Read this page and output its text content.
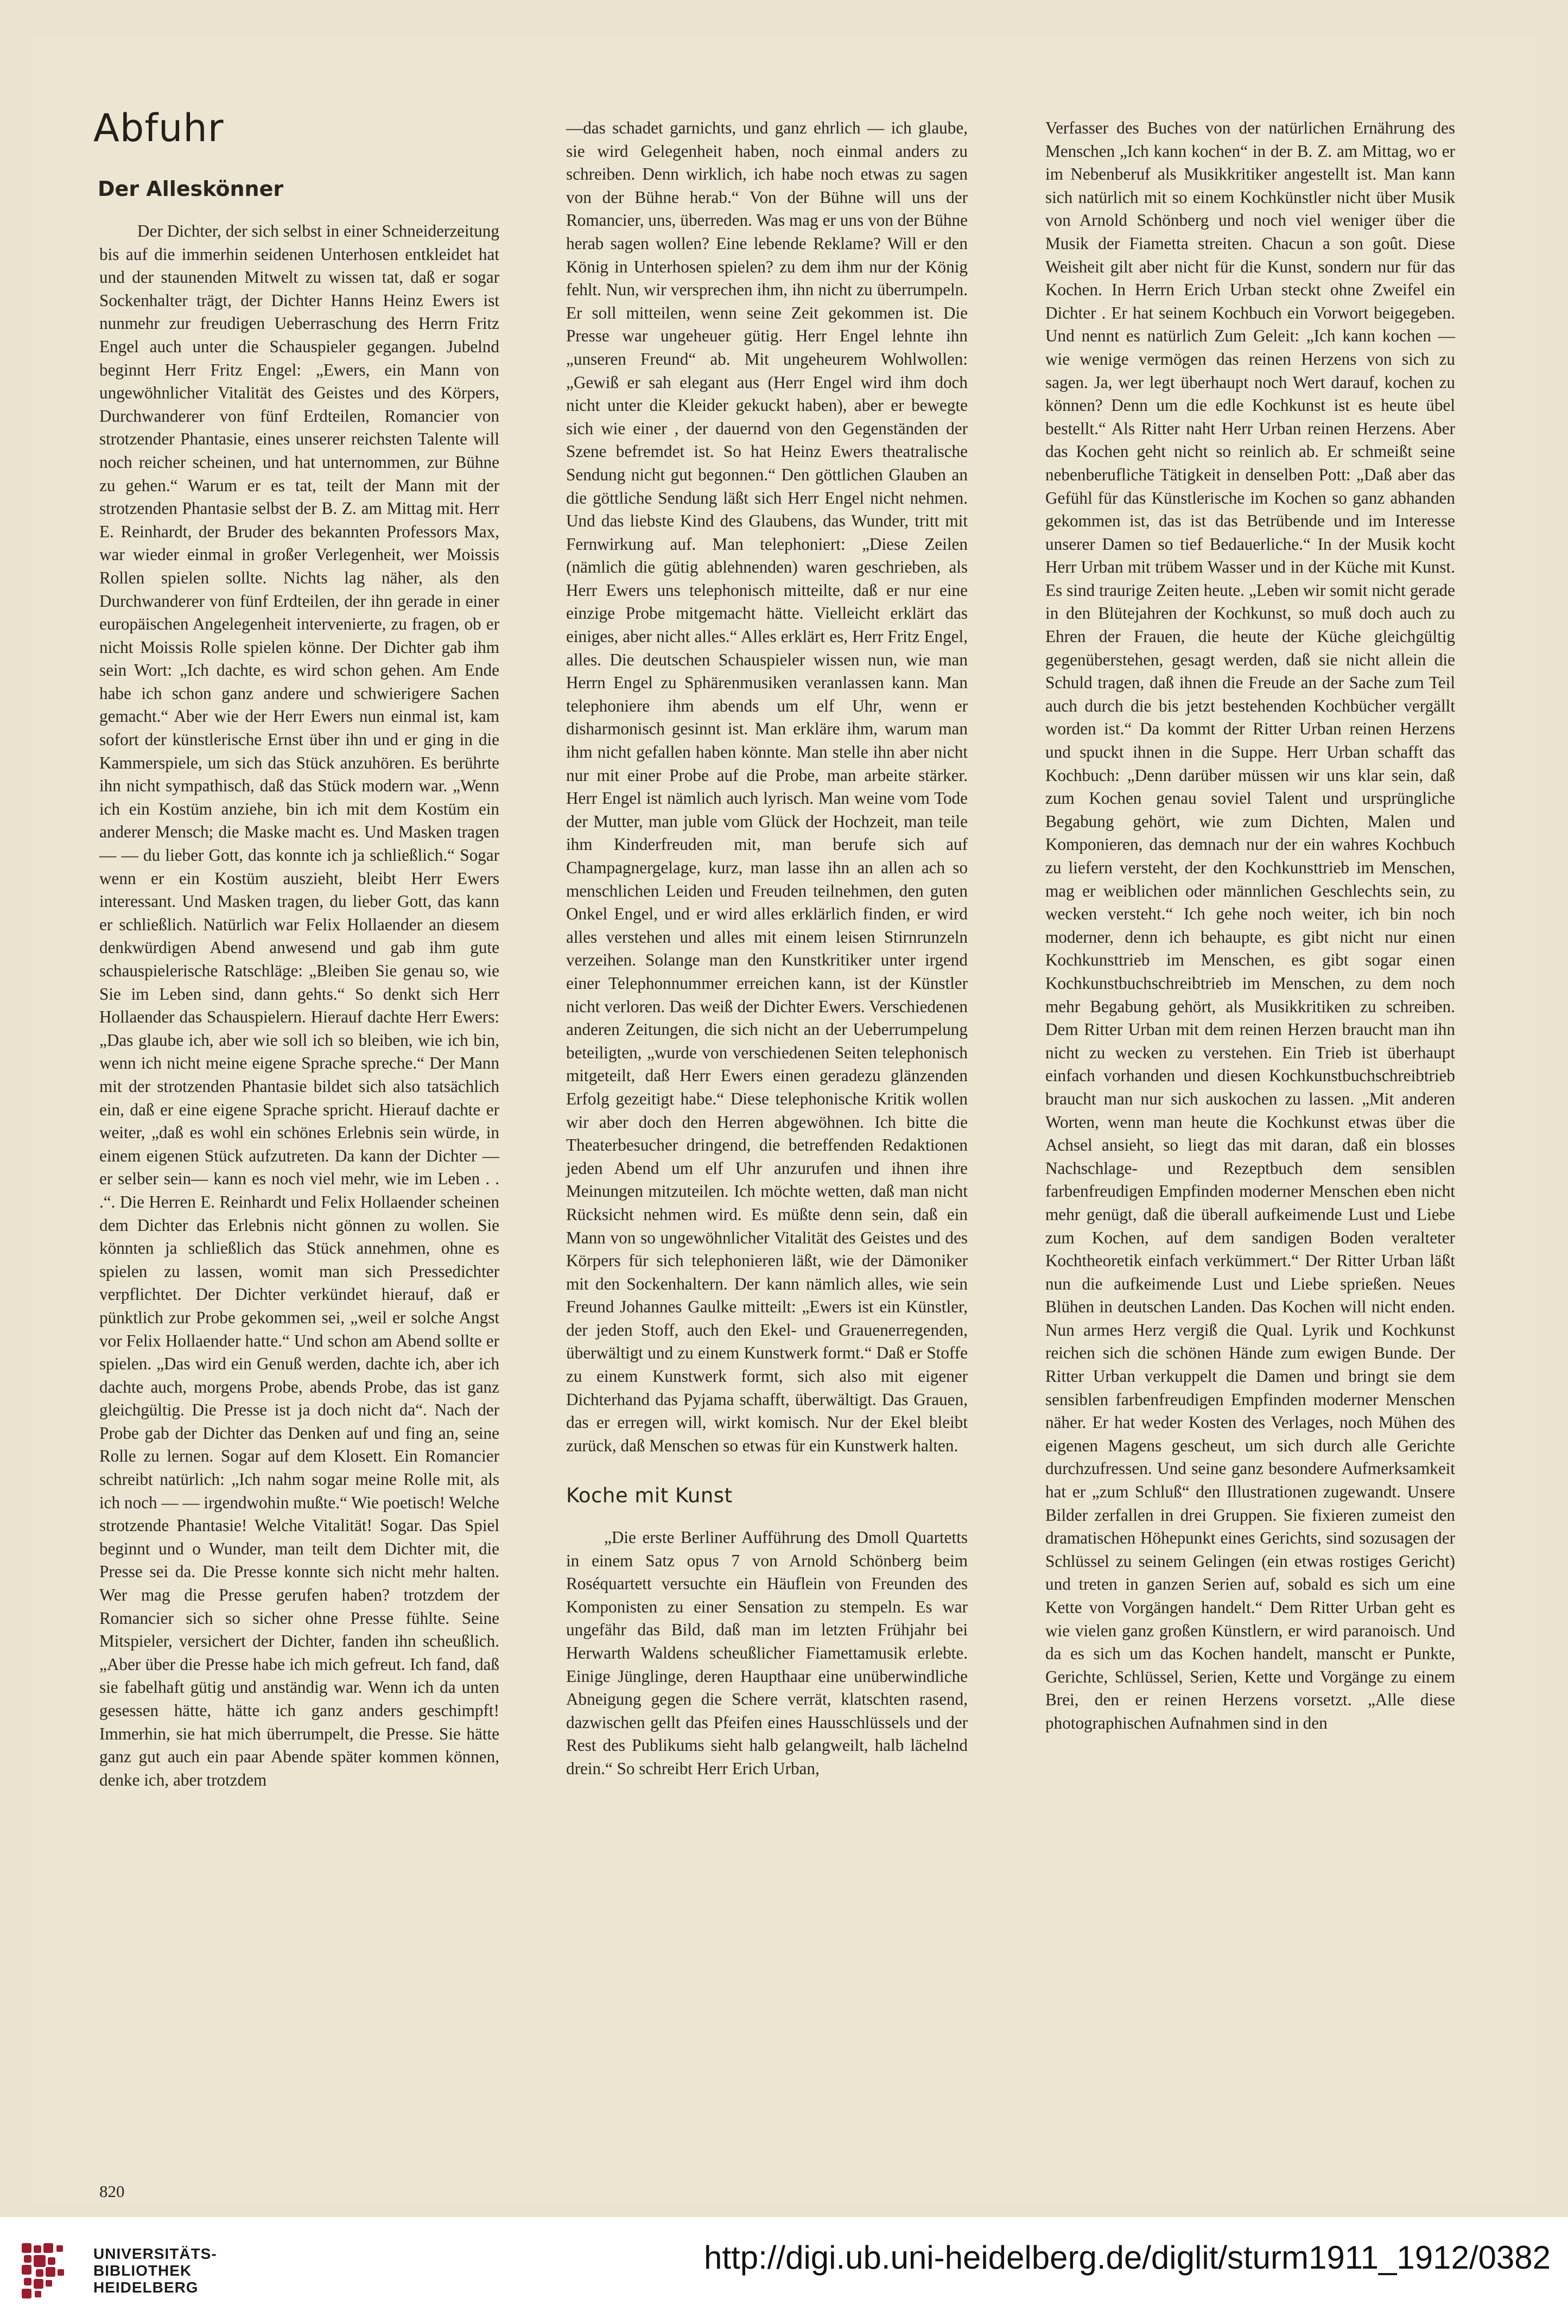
Abfuhr
Der Alleskönner

Der Dichter, der sich selbst in einer Schneiderzeitung bis auf die immerhin seidenen Unterhosen entkleidet hat und der staunenden Mitwelt zu wissen tat, daß er sogar Sockenhalter trägt, der Dichter Hanns Heinz Ewers ist nunmehr zur freudigen Ueberraschung des Herrn Fritz Engel auch unter die Schauspieler gegangen. Jubelnd beginnt Herr Fritz Engel: „Ewers, ein Mann von ungewöhnlicher Vitalität des Geistes und des Körpers, Durchwanderer von fünf Erdteilen, Romancier von strotzender Phantasie, eines unserer reichsten Talente will noch reicher scheinen, und hat unternommen, zur Bühne zu gehen.“ Warum er es tat, teilt der Mann mit der strotzenden Phantasie selbst der B. Z. am Mittag mit. Herr E. Reinhardt, der Bruder des bekannten Professors Max, war wieder einmal in großer Verlegenheit, wer Moissis Rollen spielen sollte. Nichts lag näher, als den Durchwanderer von fünf Erdteilen, der ihn gerade in einer europäischen Angelegenheit intervenierte, zu fragen, ob er nicht Moissis Rolle spielen könne. Der Dichter gab ihm sein Wort: „Ich dachte, es wird schon gehen. Am Ende habe ich schon ganz andere und schwierigere Sachen gemacht.“ Aber wie der Herr Ewers nun einmal ist, kam sofort der künstlerische Ernst über ihn und er ging in die Kammerspiele, um sich das Stück anzuhören. Es berührte ihn nicht sympathisch, daß das Stück modern war. „Wenn ich ein Kostüm anziehe, bin ich mit dem Kostüm ein anderer Mensch; die Maske macht es. Und Masken tragen — — du lieber Gott, das konnte ich ja schließlich.“ Sogar wenn er ein Kostüm auszieht, bleibt Herr Ewers interessant. Und Masken tragen, du lieber Gott, das kann er schließlich. Natürlich war Felix Hollaender an diesem denkwürdigen Abend anwesend und gab ihm gute schauspielerische Ratschläge: „Bleiben Sie genau so, wie Sie im Leben sind, dann gehts.“ So denkt sich Herr Hollaender das Schauspielern. Hierauf dachte Herr Ewers: „Das glaube ich, aber wie soll ich so bleiben, wie ich bin, wenn ich nicht meine eigene Sprache spreche.“ Der Mann mit der strotzenden Phantasie bildet sich also tatsächlich ein, daß er eine eigene Sprache spricht. Hierauf dachte er weiter, „daß es wohl ein schönes Erlebnis sein würde, in einem eigenen Stück aufzutreten. Da kann der Dichter — er selber sein— kann es noch viel mehr, wie im Leben . . .“. Die Herren E. Reinhardt und Felix Hollaender scheinen dem Dichter das Erlebnis nicht gönnen zu wollen. Sie könnten ja schließlich das Stück annehmen, ohne es spielen zu lassen, womit man sich Pressedichter verpflichtet. Der Dichter verkündet hierauf, daß er pünktlich zur Probe gekommen sei, „weil er solche Angst vor Felix Hollaender hatte.“ Und schon am Abend sollte er spielen. „Das wird ein Genuß werden, dachte ich, aber ich dachte auch, morgens Probe, abends Probe, das ist ganz gleichgültig. Die Presse ist ja doch nicht da“. Nach der Probe gab der Dichter das Denken auf und fing an, seine Rolle zu lernen. Sogar auf dem Klosett. Ein Romancier schreibt natürlich: „Ich nahm sogar meine Rolle mit, als ich noch — — irgendwohin mußte.“ Wie poetisch! Welche strotzende Phantasie! Welche Vitalität! Sogar. Das Spiel beginnt und o Wunder, man teilt dem Dichter mit, die Presse sei da. Die Presse konnte sich nicht mehr halten. Wer mag die Presse gerufen haben? trotzdem der Romancier sich so sicher ohne Presse fühlte. Seine Mitspieler, versichert der Dichter, fanden ihn scheußlich. „Aber über die Presse habe ich mich gefreut. Ich fand, daß sie fabelhaft gütig und anständig war. Wenn ich da unten gesessen hätte, hätte ich ganz anders geschimpft! Immerhin, sie hat mich überrumpelt, die Presse. Sie hätte ganz gut auch ein paar Abende später kommen können, denke ich, aber trotzdem

—das schadet garnichts, und ganz ehrlich — ich glaube, sie wird Gelegenheit haben, noch einmal anders zu schreiben. Denn wirklich, ich habe noch etwas zu sagen von der Bühne herab.“ Von der Bühne will uns der Romancier, uns, überreden. Was mag er uns von der Bühne herab sagen wollen? Eine lebende Reklame? Will er den König in Unterhosen spielen? zu dem ihm nur der König fehlt. Nun, wir versprechen ihm, ihn nicht zu überrumpeln. Er soll mitteilen, wenn seine Zeit gekommen ist. Die Presse war ungeheuer gütig. Herr Engel lehnte ihn „unseren Freund“ ab. Mit ungeheurem Wohlwollen: „Gewiß er sah elegant aus (Herr Engel wird ihm doch nicht unter die Kleider gekuckt haben), aber er bewegte sich wie einer , der dauernd von den Gegenständen der Szene befremdet ist. So hat Heinz Ewers theatralische Sendung nicht gut begonnen.“ Den göttlichen Glauben an die göttliche Sendung läßt sich Herr Engel nicht nehmen. Und das liebste Kind des Glaubens, das Wunder, tritt mit Fernwirkung auf. Man telephoniert: „Diese Zeilen (nämlich die gütig ablehnenden) waren geschrieben, als Herr Ewers uns telephonisch mitteilte, daß er nur eine einzige Probe mitgemacht hätte. Vielleicht erklärt das einiges, aber nicht alles.“ Alles erklärt es, Herr Fritz Engel, alles. Die deutschen Schauspieler wissen nun, wie man Herrn Engel zu Sphärenmusiken veranlassen kann. Man telephoniere ihm abends um elf Uhr, wenn er disharmonisch gesinnt ist. Man erkläre ihm, warum man ihm nicht gefallen haben könnte. Man stelle ihn aber nicht nur mit einer Probe auf die Probe, man arbeite stärker. Herr Engel ist nämlich auch lyrisch. Man weine vom Tode der Mutter, man juble vom Glück der Hochzeit, man teile ihm Kinderfreuden mit, man berufe sich auf Champagnergelage, kurz, man lasse ihn an allen ach so menschlichen Leiden und Freuden teilnehmen, den guten Onkel Engel, und er wird alles erklärlich finden, er wird alles verstehen und alles mit einem leisen Stirnrunzeln verzeihen. Solange man den Kunstkritiker unter irgend einer Telephonnummer erreichen kann, ist der Künstler nicht verloren. Das weiß der Dichter Ewers. Verschiedenen anderen Zeitungen, die sich nicht an der Ueberrumpelung beteiligten, „wurde von verschiedenen Seiten telephonisch mitgeteilt, daß Herr Ewers einen geradezu glänzenden Erfolg gezeitigt habe.“ Diese telephonische Kritik wollen wir aber doch den Herren abgewöhnen. Ich bitte die Theaterbesucher dringend, die betreffenden Redaktionen jeden Abend um elf Uhr anzurufen und ihnen ihre Meinungen mitzuteilen. Ich möchte wetten, daß man nicht Rücksicht nehmen wird. Es müßte denn sein, daß ein Mann von so ungewöhnlicher Vitalität des Geistes und des Körpers für sich telephonieren läßt, wie der Dämoniker mit den Sockenhaltern. Der kann nämlich alles, wie sein Freund Johannes Gaulke mitteilt: „Ewers ist ein Künstler, der jeden Stoff, auch den Ekel- und Grauenerregenden, überwältigt und zu einem Kunstwerk formt.“ Daß er Stoffe zu einem Kunstwerk formt, sich also mit eigener Dichterhand das Pyjama schafft, überwältigt. Das Grauen, das er erregen will, wirkt komisch. Nur der Ekel bleibt zurück, daß Menschen so etwas für ein Kunstwerk halten.

Koche mit Kunst

„Die erste Berliner Aufführung des Dmoll Quartetts in einem Satz opus 7 von Arnold Schönberg beim Roséquartett versuchte ein Häuflein von Freunden des Komponisten zu einer Sensation zu stempeln. Es war ungefähr das Bild, daß man im letzten Frühjahr bei Herwarth Waldens scheußlicher Fiamettamusik erlebte. Einige Jünglinge, deren Haupthaar eine unüberwindliche Abneigung gegen die Schere verrät, klatschten rasend, dazwischen gellt das Pfeifen eines Hausschlüssels und der Rest des Publikums sieht halb gelangweilt, halb lächelnd drein.“ So schreibt Herr Erich Urban,

Verfasser des Buches von der natürlichen Ernährung des Menschen „Ich kann kochen“ in der B. Z. am Mittag, wo er im Nebenberuf als Musikkritiker angestellt ist. Man kann sich natürlich mit so einem Kochkünstler nicht über Musik von Arnold Schönberg und noch viel weniger über die Musik der Fiametta streiten. Chacun a son goût. Diese Weisheit gilt aber nicht für die Kunst, sondern nur für das Kochen. In Herrn Erich Urban steckt ohne Zweifel ein Dichter . Er hat seinem Kochbuch ein Vorwort beigegeben. Und nennt es natürlich Zum Geleit: „Ich kann kochen — wie wenige vermögen das reinen Herzens von sich zu sagen. Ja, wer legt überhaupt noch Wert darauf, kochen zu können? Denn um die edle Kochkunst ist es heute übel bestellt.“ Als Ritter naht Herr Urban reinen Herzens. Aber das Kochen geht nicht so reinlich ab. Er schmeißt seine nebenberufliche Tätigkeit in denselben Pott: „Daß aber das Gefühl für das Künstlerische im Kochen so ganz abhanden gekommen ist, das ist das Betrübende und im Interesse unserer Damen so tief Bedauerliche.“ In der Musik kocht Herr Urban mit trübem Wasser und in der Küche mit Kunst. Es sind traurige Zeiten heute. „Leben wir somit nicht gerade in den Blütejahren der Kochkunst, so muß doch auch zu Ehren der Frauen, die heute der Küche gleichgültig gegenüberstehen, gesagt werden, daß sie nicht allein die Schuld tragen, daß ihnen die Freude an der Sache zum Teil auch durch die bis jetzt bestehenden Kochbücher vergällt worden ist.“ Da kommt der Ritter Urban reinen Herzens und spuckt ihnen in die Suppe. Herr Urban schafft das Kochbuch: „Denn darüber müssen wir uns klar sein, daß zum Kochen genau soviel Talent und ursprüngliche Begabung gehört, wie zum Dichten, Malen und Komponieren, das demnach nur der ein wahres Kochbuch zu liefern versteht, der den Kochkunsttrieb im Menschen, mag er weiblichen oder männlichen Geschlechts sein, zu wecken versteht.“ Ich gehe noch weiter, ich bin noch moderner, denn ich behaupte, es gibt nicht nur einen Kochkunsttrieb im Menschen, es gibt sogar einen Kochkunstbuchschreibtrieb im Menschen, zu dem noch mehr Begabung gehört, als Musikkritiken zu schreiben. Dem Ritter Urban mit dem reinen Herzen braucht man ihn nicht zu wecken zu verstehen. Ein Trieb ist überhaupt einfach vorhanden und diesen Kochkunstbuchschreibtrieb braucht man nur sich auskochen zu lassen. „Mit anderen Worten, wenn man heute die Kochkunst etwas über die Achsel ansieht, so liegt das mit daran, daß ein blosses Nachschlage- und Rezeptbuch dem sensiblen farbenfreudigen Empfinden moderner Menschen eben nicht mehr genügt, daß die überall aufkeimende Lust und Liebe zum Kochen, auf dem sandigen Boden veralteter Kochtheoretik einfach verkümmert.“ Der Ritter Urban läßt nun die aufkeimende Lust und Liebe sprießen. Neues Blühen in deutschen Landen. Das Kochen will nicht enden. Nun armes Herz vergiß die Qual. Lyrik und Kochkunst reichen sich die schönen Hände zum ewigen Bunde. Der Ritter Urban verkuppelt die Damen und bringt sie dem sensiblen farbenfreudigen Empfinden moderner Menschen näher. Er hat weder Kosten des Verlages, noch Mühen des eigenen Magens gescheut, um sich durch alle Gerichte durchzufressen. Und seine ganz besondere Aufmerksamkeit hat er „zum Schluß“ den Illustrationen zugewandt. Unsere Bilder zerfallen in drei Gruppen. Sie fixieren zumeist den dramatischen Höhepunkt eines Gerichts, sind sozusagen der Schlüssel zu seinem Gelingen (ein etwas rostiges Gericht) und treten in ganzen Serien auf, sobald es sich um eine Kette von Vorgängen handelt.“ Dem Ritter Urban geht es wie vielen ganz großen Künstlern, er wird paranoisch. Und da es sich um das Kochen handelt, manscht er Punkte, Gerichte, Schlüssel, Serien, Kette und Vorgänge zu einem Brei, den er reinen Herzens vorsetzt. „Alle diese photographischen Aufnahmen sind in den

820
UNIVERSITÄTS-
BIBLIOTHEK
HEIDELBERG
http://digi.ub.uni-heidelberg.de/diglit/sturm1911_1912/0382
